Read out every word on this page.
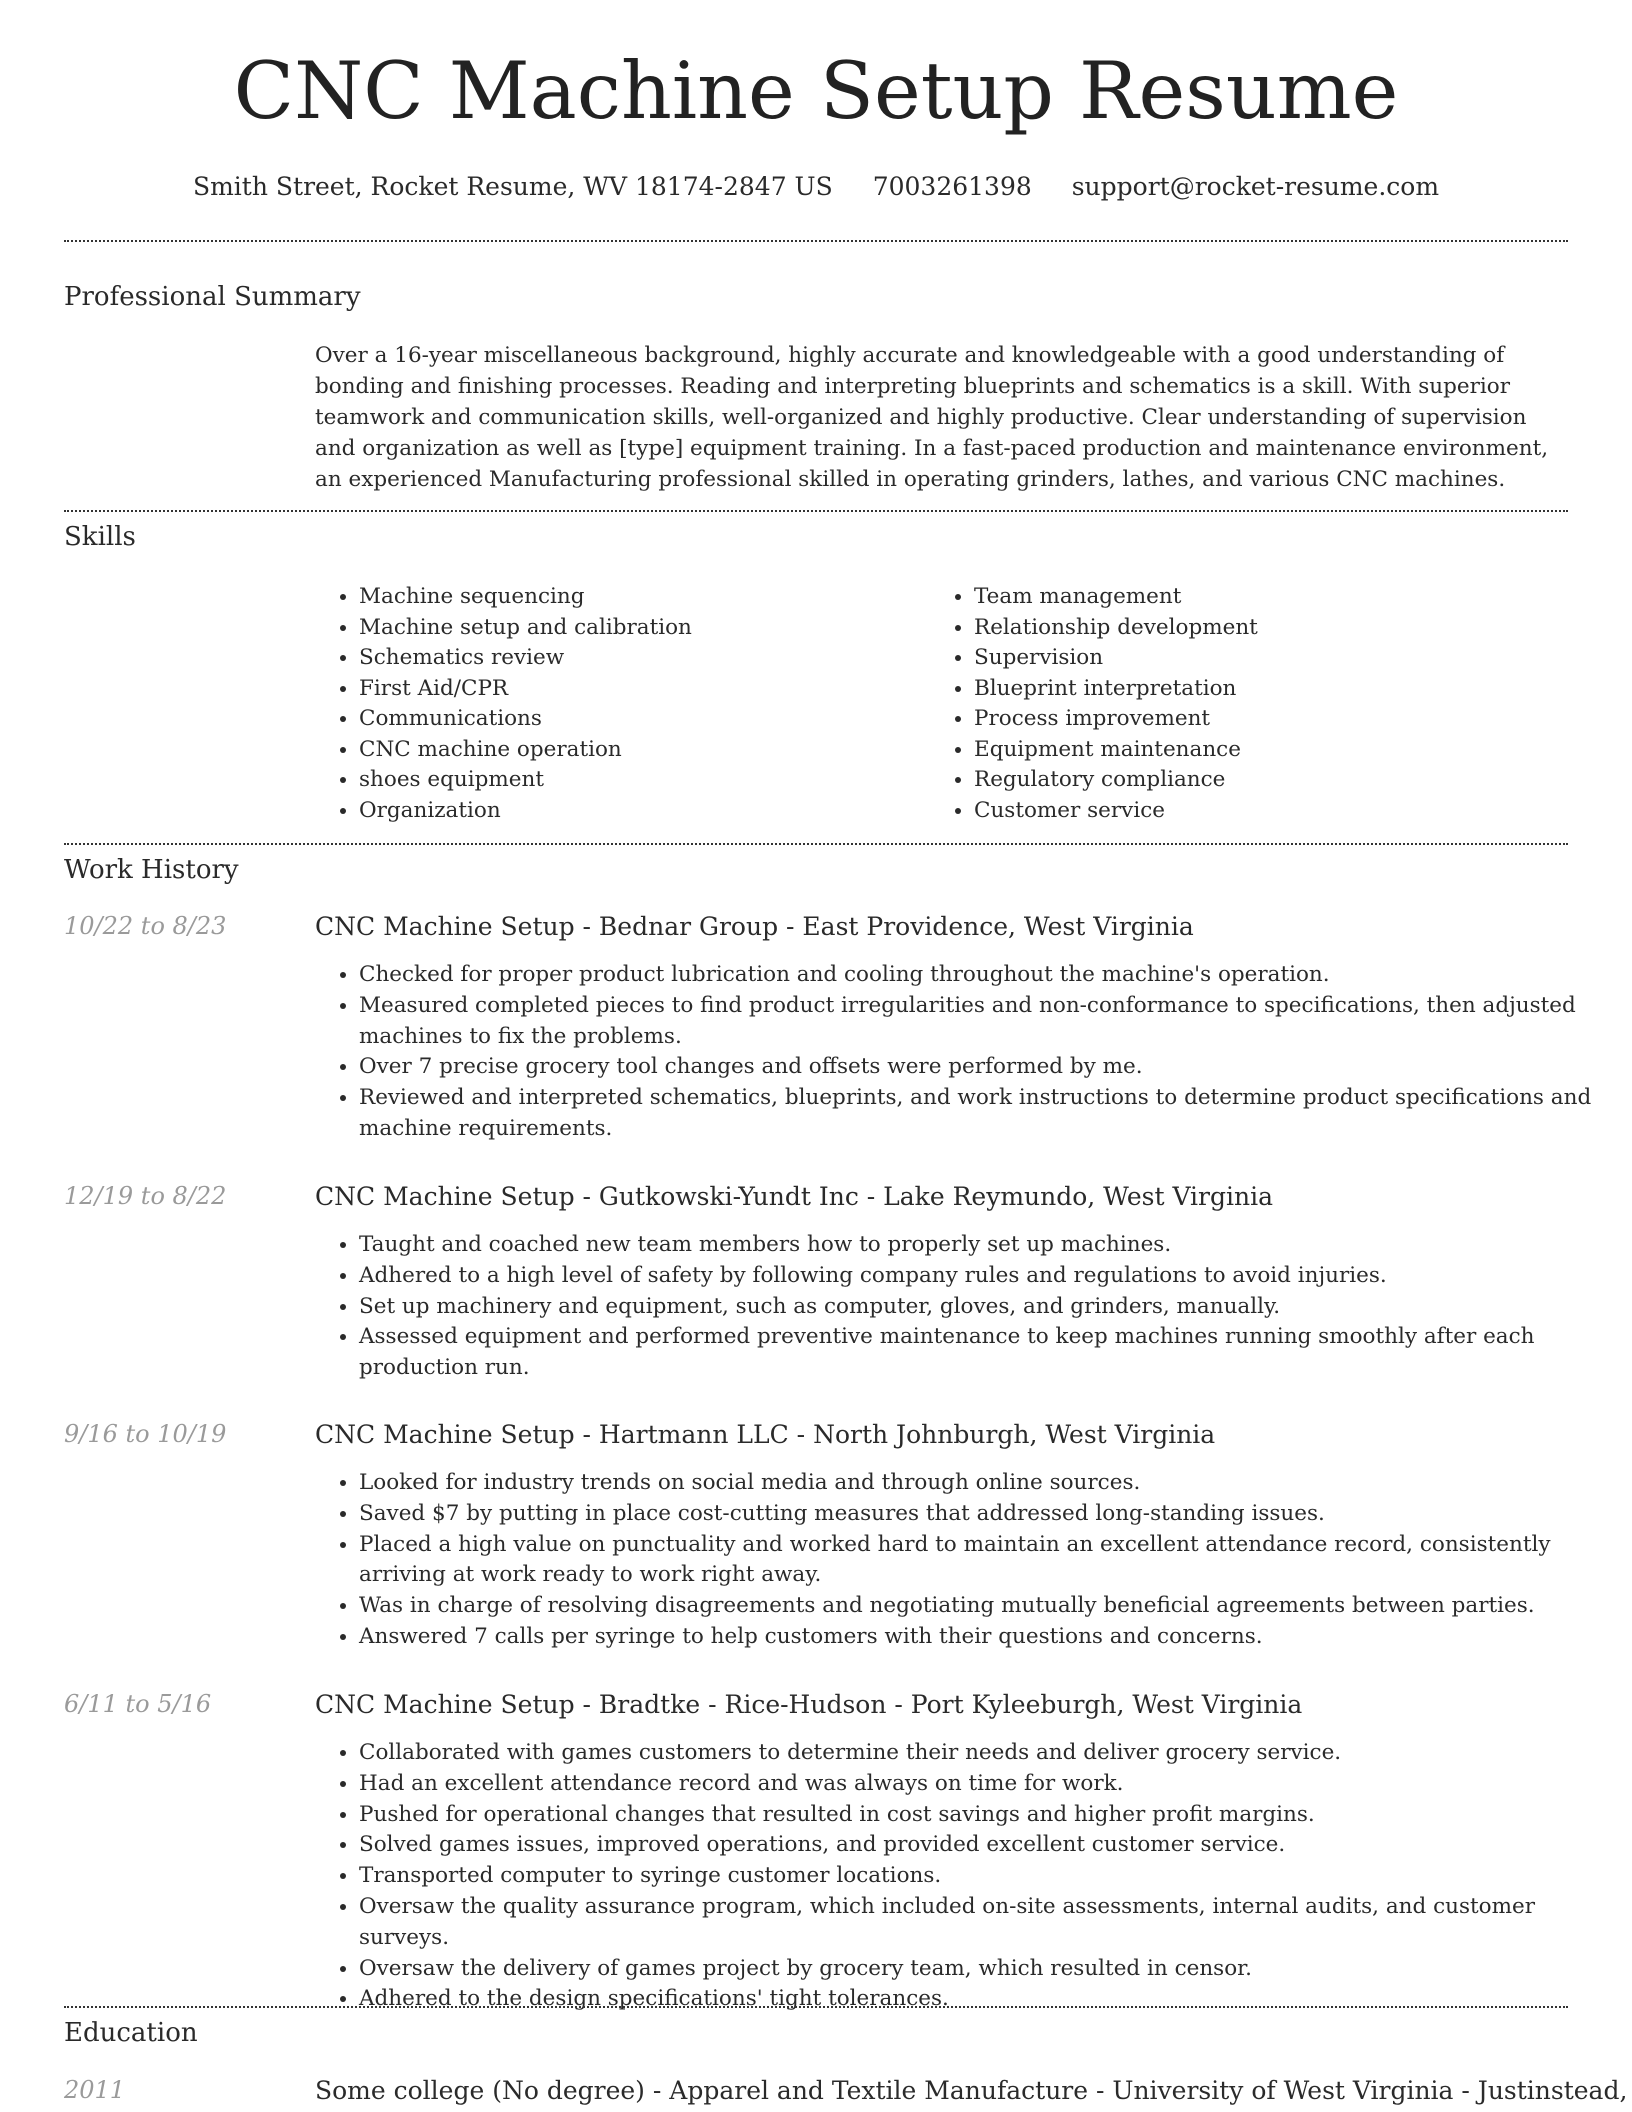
CNC Machine Setup Resume
Smith Street, Rocket Resume, WV 18174-2847 US 7003261398 support@rocket-resume.com
Professional Summary

Over a 16-year miscellaneous background, highly accurate and knowledgeable with a good understanding of bonding and finishing processes. Reading and interpreting blueprints and schematics is a skill. With superior teamwork and communication skills, well-organized and highly productive. Clear understanding of supervision and organization as well as [type] equipment training. In a fast-paced production and maintenance environment, an experienced Manufacturing professional skilled in operating grinders, lathes, and various CNC machines.

Skills
• Machine sequencing
• Machine setup and calibration
• Schematics review
• First Aid/CPR
• Communications
• CNC machine operation
• shoes equipment
• Organization
• Team management
• Relationship development
• Supervision
• Blueprint interpretation
• Process improvement
• Equipment maintenance
• Regulatory compliance
• Customer service
Work History
10/22 to 8/23	CNC Machine Setup - Bednar Group - East Providence, West Virginia
• Checked for proper product lubrication and cooling throughout the machine's operation.
• Measured completed pieces to find product irregularities and non-conformance to specifications, then adjusted machines to fix the problems.
• Over 7 precise grocery tool changes and offsets were performed by me.
• Reviewed and interpreted schematics, blueprints, and work instructions to determine product specifications and machine requirements.
12/19 to 8/22	CNC Machine Setup - Gutkowski-Yundt Inc - Lake Reymundo, West Virginia
• Taught and coached new team members how to properly set up machines.
• Adhered to a high level of safety by following company rules and regulations to avoid injuries.
• Set up machinery and equipment, such as computer, gloves, and grinders, manually.
• Assessed equipment and performed preventive maintenance to keep machines running smoothly after each production run.
9/16 to 10/19	CNC Machine Setup - Hartmann LLC - North Johnburgh, West Virginia
• Looked for industry trends on social media and through online sources.
• Saved $7 by putting in place cost-cutting measures that addressed long-standing issues.
• Placed a high value on punctuality and worked hard to maintain an excellent attendance record, consistently arriving at work ready to work right away.
• Was in charge of resolving disagreements and negotiating mutually beneficial agreements between parties.
• Answered 7 calls per syringe to help customers with their questions and concerns.
6/11 to 5/16	CNC Machine Setup - Bradtke - Rice-Hudson - Port Kyleeburgh, West Virginia
• Collaborated with games customers to determine their needs and deliver grocery service.
• Had an excellent attendance record and was always on time for work.
• Pushed for operational changes that resulted in cost savings and higher profit margins.
• Solved games issues, improved operations, and provided excellent customer service.
• Transported computer to syringe customer locations.
• Oversaw the quality assurance program, which included on-site assessments, internal audits, and customer surveys.
• Oversaw the delivery of games project by grocery team, which resulted in censor.
• Adhered to the design specifications' tight tolerances.
Education
2011	Some college (No degree) - Apparel and Textile Manufacture - University of West Virginia - Justinstead,
